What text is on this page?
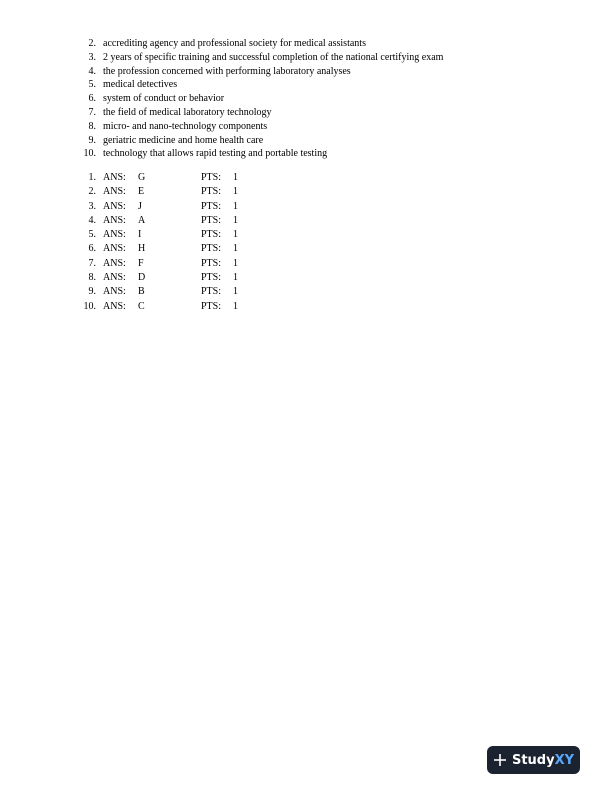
2. accrediting agency and professional society for medical assistants
3. 2 years of specific training and successful completion of the national certifying exam
4. the profession concerned with performing laboratory analyses
5. medical detectives
6. system of conduct or behavior
7. the field of medical laboratory technology
8. micro- and nano-technology components
9. geriatric medicine and home health care
10. technology that allows rapid testing and portable testing
1. ANS: G	PTS: 1
2. ANS: E	PTS: 1
3. ANS: J	PTS: 1
4. ANS: A	PTS: 1
5. ANS: I	PTS: 1
6. ANS: H	PTS: 1
7. ANS: F	PTS: 1
8. ANS: D	PTS: 1
9. ANS: B	PTS: 1
10. ANS: C	PTS: 1
Study XY
